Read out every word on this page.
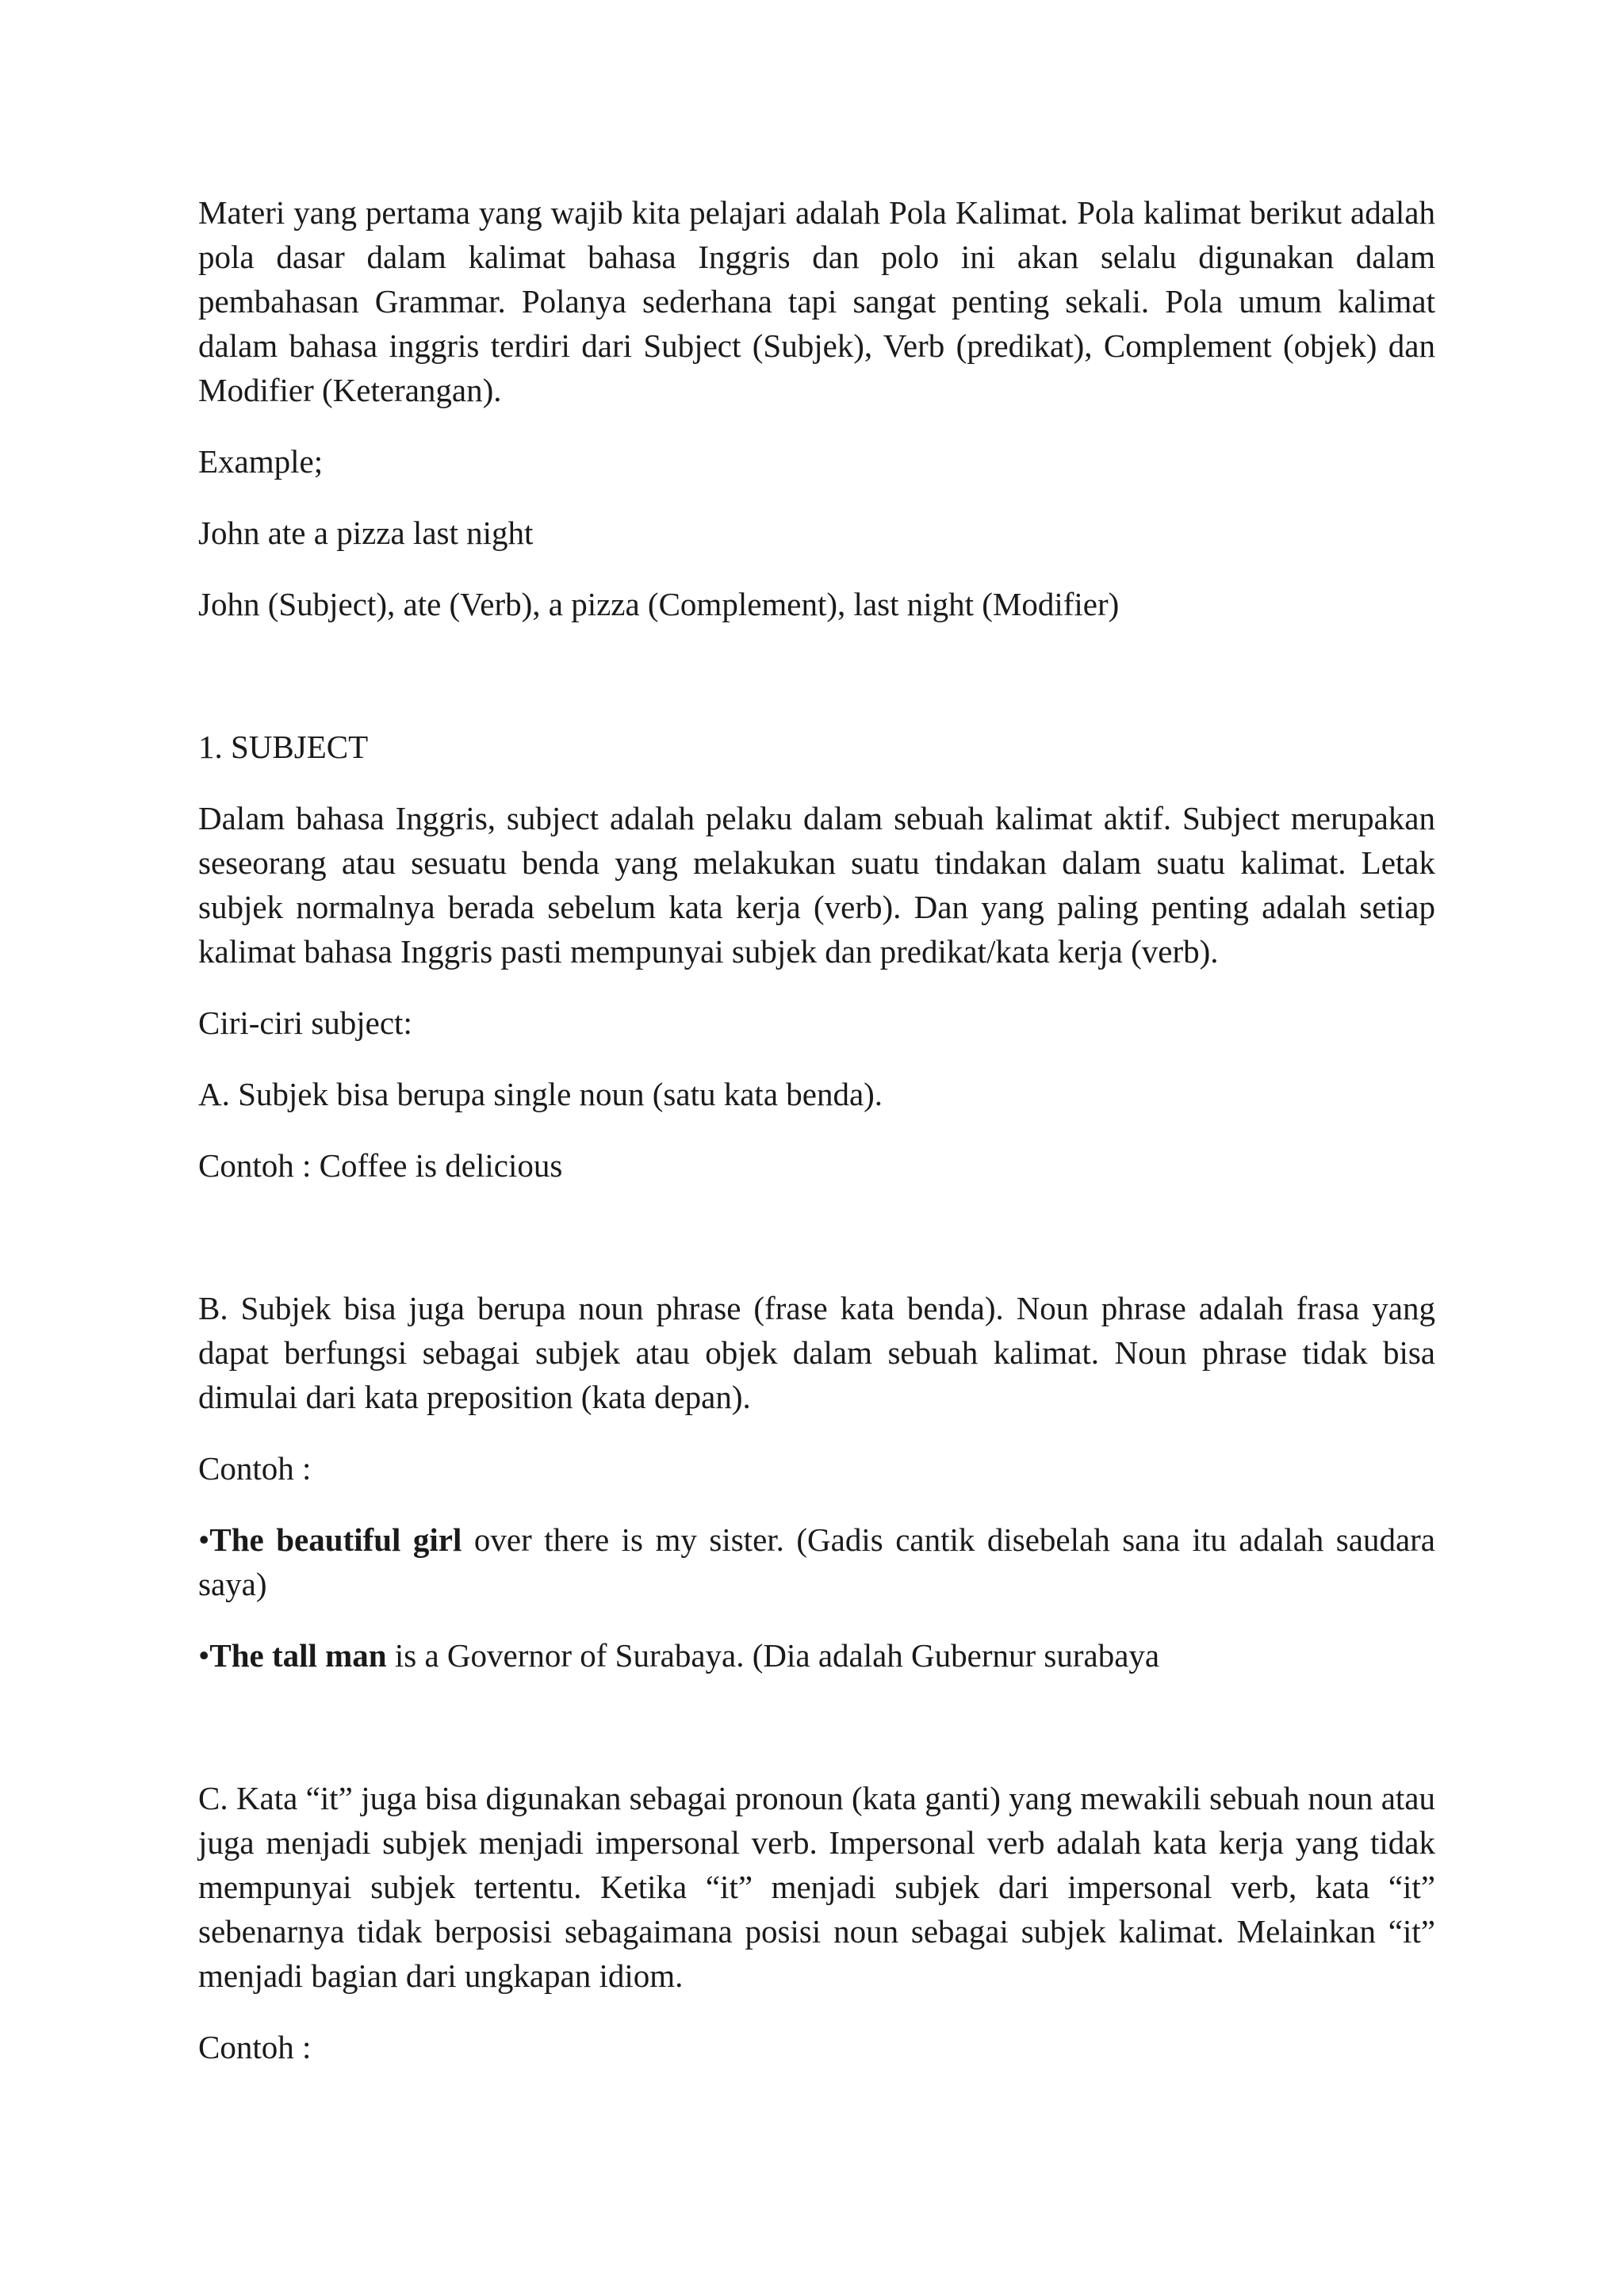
Materi yang pertama yang wajib kita pelajari adalah Pola Kalimat. Pola kalimat berikut adalah pola dasar dalam kalimat bahasa Inggris dan polo ini akan selalu digunakan dalam pembahasan Grammar. Polanya sederhana tapi sangat penting sekali. Pola umum kalimat dalam bahasa inggris terdiri dari Subject (Subjek), Verb (predikat), Complement (objek) dan Modifier (Keterangan).

Example;

John ate a pizza last night

John (Subject), ate (Verb), a pizza (Complement), last night (Modifier)

1. SUBJECT

Dalam bahasa Inggris, subject adalah pelaku dalam sebuah kalimat aktif. Subject merupakan seseorang atau sesuatu benda yang melakukan suatu tindakan dalam suatu kalimat. Letak subjek normalnya berada sebelum kata kerja (verb). Dan yang paling penting adalah setiap kalimat bahasa Inggris pasti mempunyai subjek dan predikat/kata kerja (verb).

Ciri-ciri subject:

A. Subjek bisa berupa single noun (satu kata benda).

Contoh : Coffee is delicious

B. Subjek bisa juga berupa noun phrase (frase kata benda). Noun phrase adalah frasa yang dapat berfungsi sebagai subjek atau objek dalam sebuah kalimat. Noun phrase tidak bisa dimulai dari kata preposition (kata depan).

Contoh :

•The beautiful girl over there is my sister. (Gadis cantik disebelah sana itu adalah saudara saya)

•The tall man is a Governor of Surabaya. (Dia adalah Gubernur surabaya

C. Kata “it” juga bisa digunakan sebagai pronoun (kata ganti) yang mewakili sebuah noun atau juga menjadi subjek menjadi impersonal verb. Impersonal verb adalah kata kerja yang tidak mempunyai subjek tertentu. Ketika “it” menjadi subjek dari impersonal verb, kata “it” sebenarnya tidak berposisi sebagaimana posisi noun sebagai subjek kalimat. Melainkan “it” menjadi bagian dari ungkapan idiom.

Contoh :
